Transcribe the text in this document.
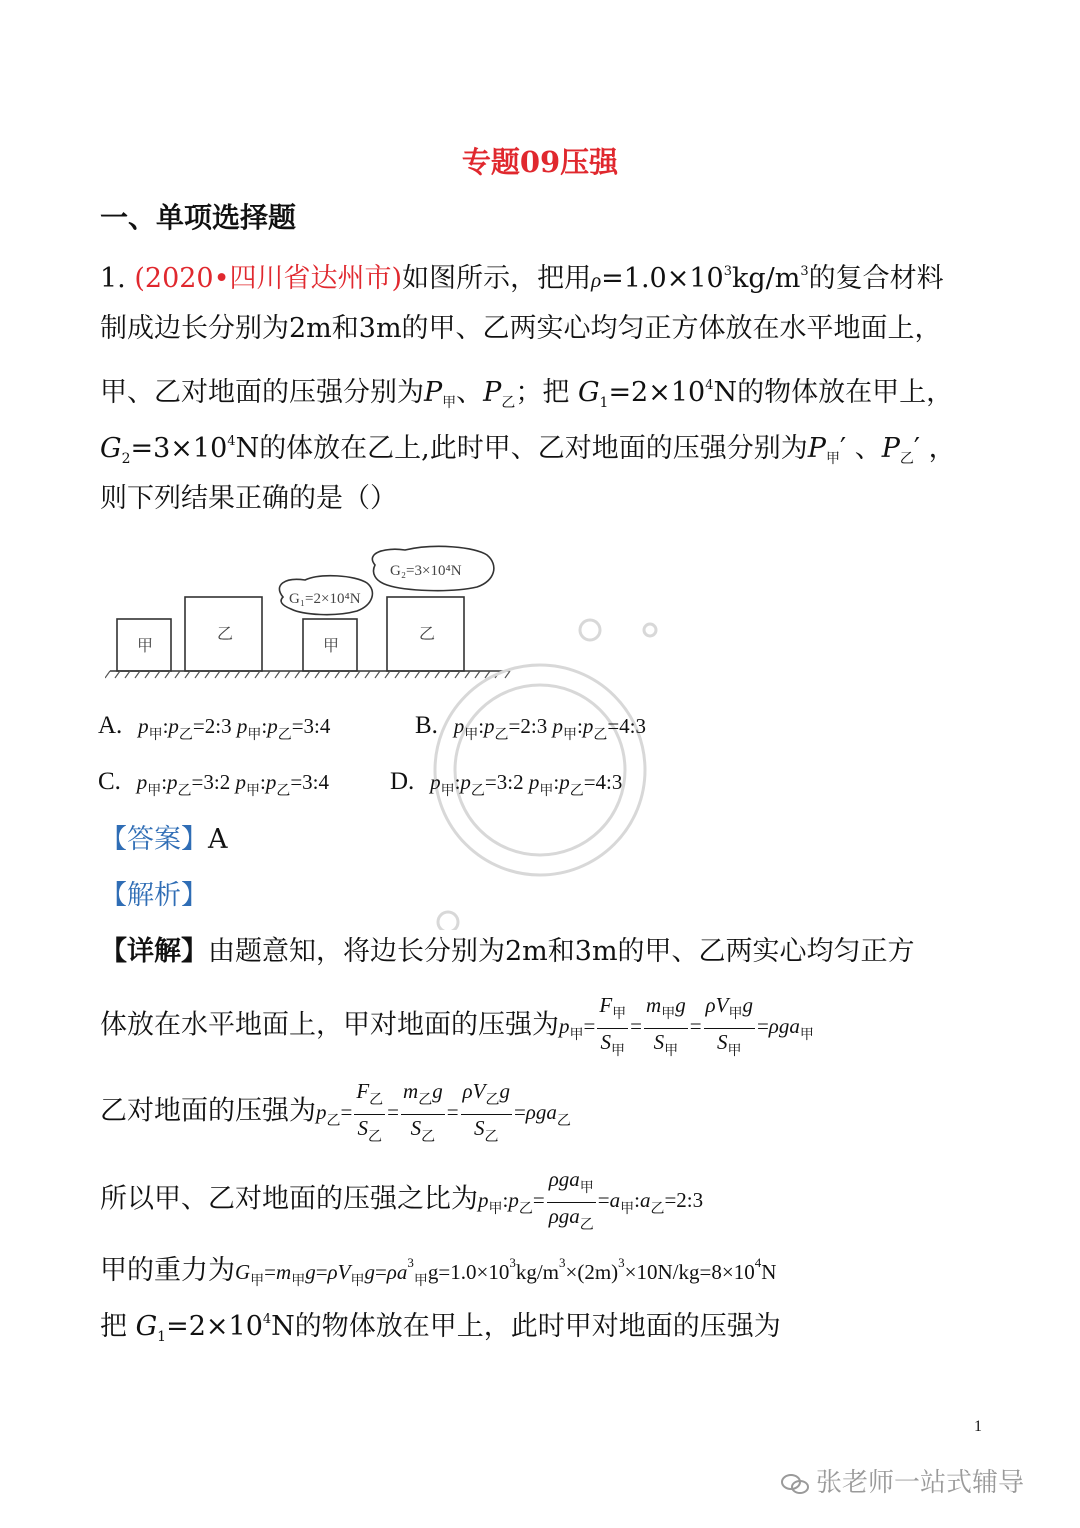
专题09压强
一、单项选择题
1. (2020•四川省达州市)如图所示，把用$\rho=1.0\times 10^3kg/m^3$的复合材料
制成边长分别为2m和3m的甲、乙两实心均匀正方体放在水平地面上，
甲、乙对地面的压强分别为$P_甲$、$P_乙$；把 $G_1=2\times 10^4N$的物体放在甲上，
$G_2=3\times 10^4N$的体放在乙上,此时甲、乙对地面的压强分别为$P_甲'$ 、$P_乙'$ ，
则下列结果正确的是（）
甲
乙
甲
乙
G₁=2×10⁴N
G₂=3×10⁴N
A. $p_甲:p_乙=2:3$ $p_甲:p_乙=3:4$	B. $p_甲:p_乙=2:3$ $p_甲:p_乙=4:3$
C. $p_甲:p_乙=3:2$ $p_甲:p_乙=3:4$ D. $p_甲:p_乙=3:2$ $p_甲:p_乙=4:3$
【答案】A
【解析】
【详解】由题意知，将边长分别为2m和3m的甲、乙两实心均匀正方
体放在水平地面上，甲对地面的压强为$p_甲= \frac{F_甲}{S_甲} = \frac{m_甲g}{S_甲} = \frac{\rho V_甲g}{S_甲} =\rho ga_甲$
乙对地面的压强为$p_乙= \frac{F_乙}{S_乙} = \frac{m_乙g}{S_乙} = \frac{\rho V_乙g}{S_乙} =\rho ga_乙$
所以甲、乙对地面的压强之比为$p_甲:p_乙= \frac{\rho ga_甲}{\rho ga_乙}$ $=a_甲:a_乙=2:3$
甲的重力为$G_甲=m_甲g=\rho V_甲g=\rho a^3_甲g=1.0\times 10^3kg/m^3\times(2m)^3\times 10N/kg=8\times 10^4N$
把 $G_1=2\times 10^4N$的物体放在甲上，此时甲对地面的压强为
1
张老师一站式辅导
